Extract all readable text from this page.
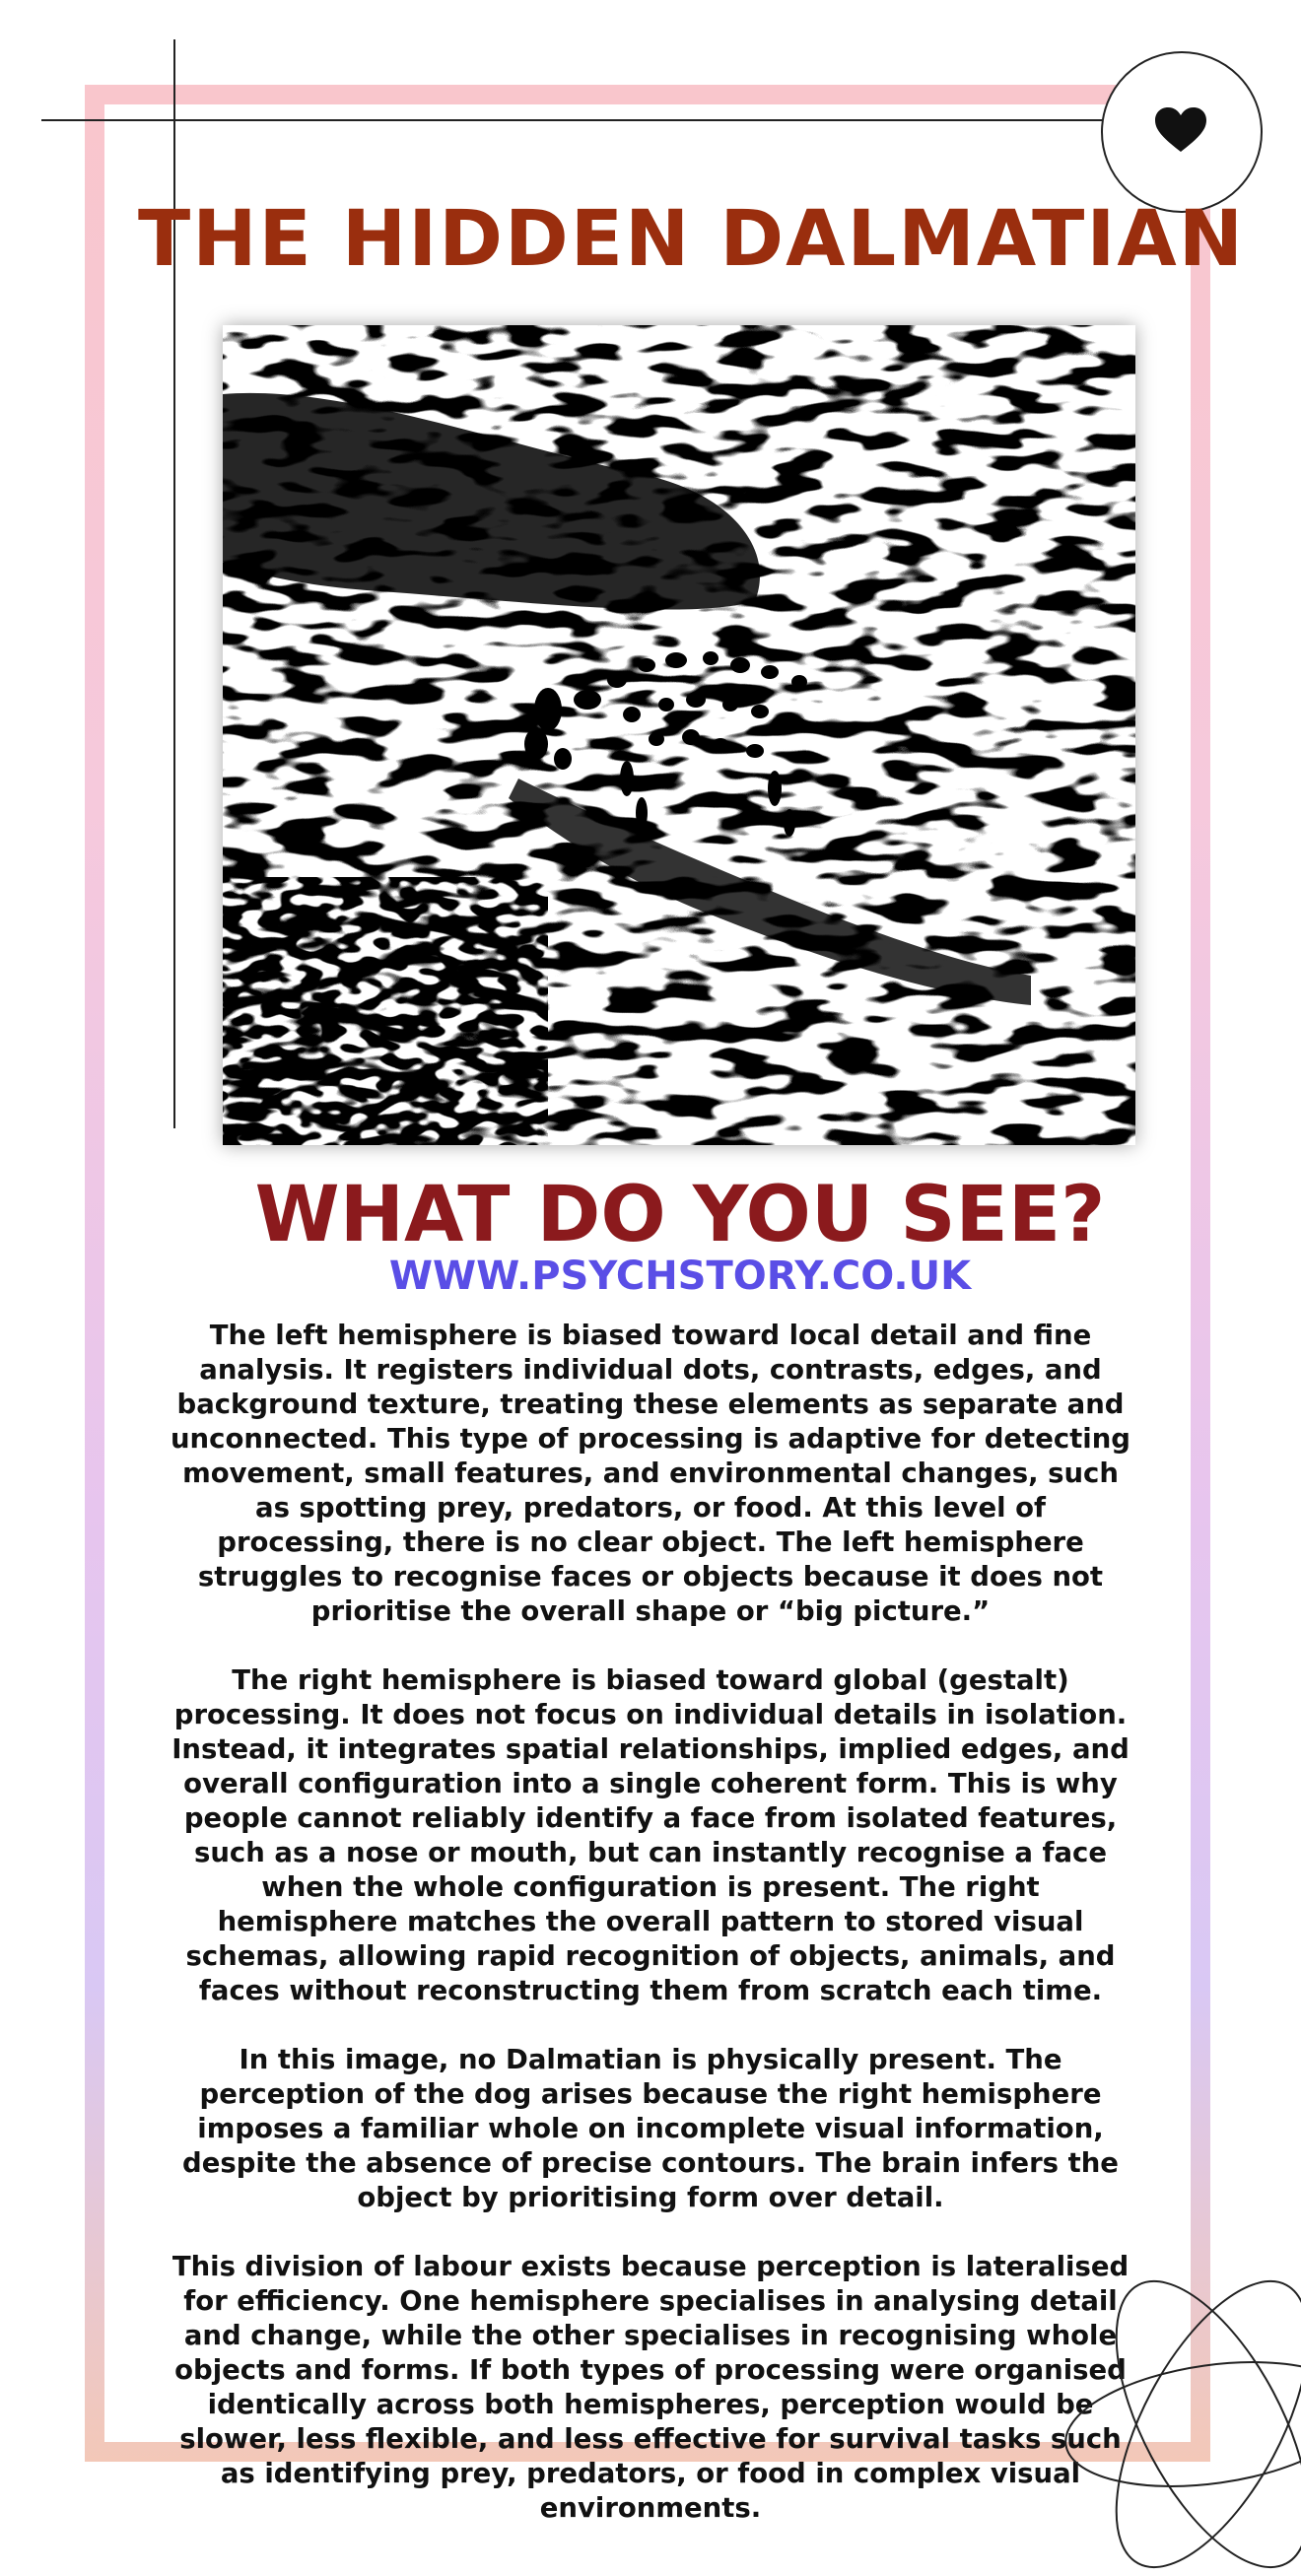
THE HIDDEN DALMATIAN
WHAT DO YOU SEE?
WWW.PSYCHSTORY.CO.UK

The left hemisphere is biased toward local detail and fine analysis. It registers individual dots, contrasts, edges, and background texture, treating these elements as separate and unconnected. This type of processing is adaptive for detecting movement, small features, and environmental changes, such as spotting prey, predators, or food. At this level of processing, there is no clear object. The left hemisphere struggles to recognise faces or objects because it does not prioritise the overall shape or “big picture.”

The right hemisphere is biased toward global (gestalt) processing. It does not focus on individual details in isolation. Instead, it integrates spatial relationships, implied edges, and overall configuration into a single coherent form. This is why people cannot reliably identify a face from isolated features, such as a nose or mouth, but can instantly recognise a face when the whole configuration is present. The right hemisphere matches the overall pattern to stored visual schemas, allowing rapid recognition of objects, animals, and faces without reconstructing them from scratch each time.

In this image, no Dalmatian is physically present. The perception of the dog arises because the right hemisphere imposes a familiar whole on incomplete visual information, despite the absence of precise contours. The brain infers the object by prioritising form over detail.

This division of labour exists because perception is lateralised for efficiency. One hemisphere specialises in analysing detail and change, while the other specialises in recognising whole objects and forms. If both types of processing were organised identically across both hemispheres, perception would be slower, less flexible, and less effective for survival tasks such as identifying prey, predators, or food in complex visual environments.
